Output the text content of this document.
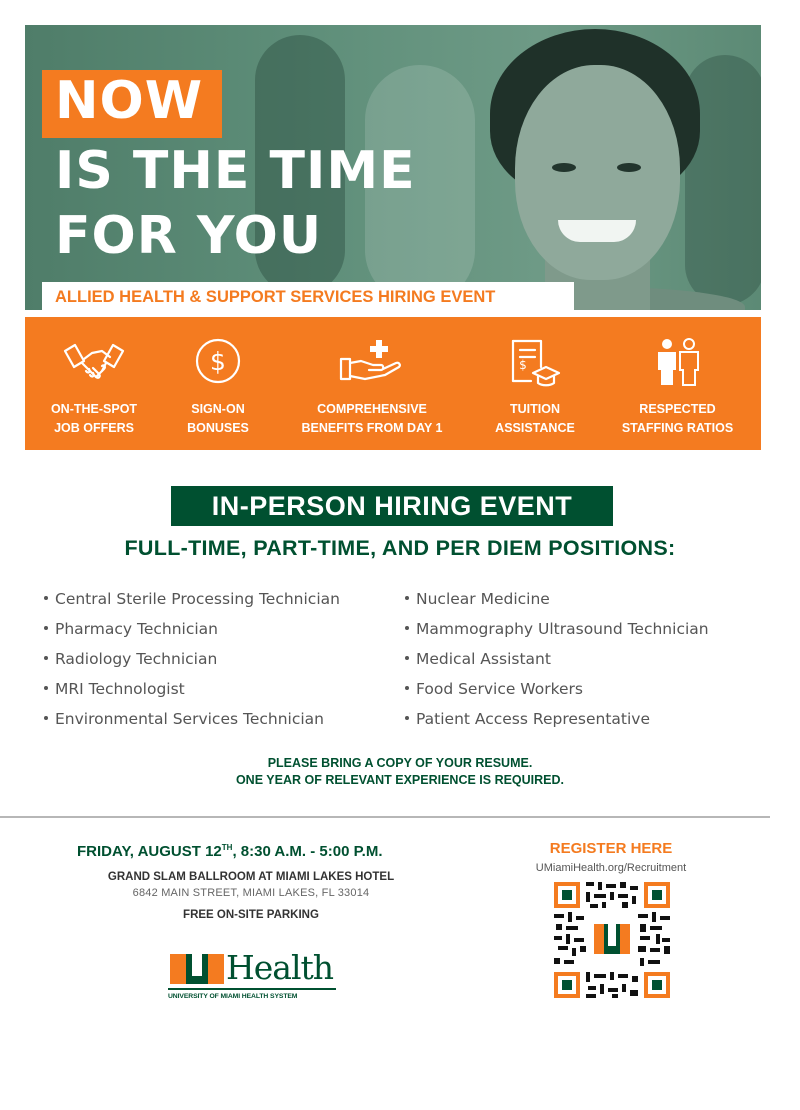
NOW
IS THE TIME
FOR YOU
ALLIED HEALTH & SUPPORT SERVICES HIRING EVENT
ON-THE-SPOT
JOB OFFERS
$
SIGN-ON
BONUSES
COMPREHENSIVE
BENEFITS FROM DAY 1
$
TUITION
ASSISTANCE
RESPECTED
STAFFING RATIOS
IN-PERSON HIRING EVENT
FULL-TIME, PART-TIME, AND PER DIEM POSITIONS:
Central Sterile Processing Technician
Pharmacy Technician
Radiology Technician
MRI Technologist
Environmental Services Technician
Nuclear Medicine
Mammography Ultrasound Technician
Medical Assistant
Food Service Workers
Patient Access Representative
PLEASE BRING A COPY OF YOUR RESUME.
ONE YEAR OF RELEVANT EXPERIENCE IS REQUIRED.
FRIDAY, AUGUST 12TH, 8:30 A.M. - 5:00 P.M.
GRAND SLAM BALLROOM AT MIAMI LAKES HOTEL
6842 MAIN STREET, MIAMI LAKES, FL 33014
FREE ON-SITE PARKING
Health
UNIVERSITY OF MIAMI HEALTH SYSTEM
REGISTER HERE
UMiamiHealth.org/Recruitment
